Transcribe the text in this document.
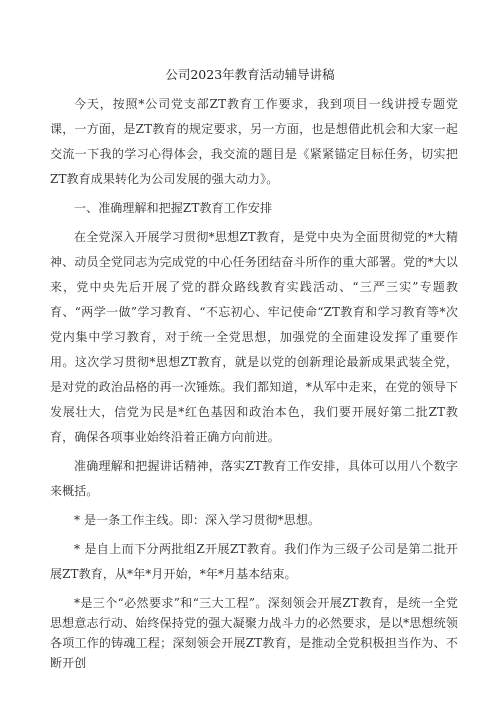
公司2023年教育活动辅导讲稿

今天，按照*公司党支部ZT教育工作要求，我到项目一线讲授专题党课，一方面，是ZT教育的规定要求，另一方面，也是想借此机会和大家一起交流一下我的学习心得体会，我交流的题目是《紧紧锚定目标任务，切实把ZT教育成果转化为公司发展的强大动力》。

一、准确理解和把握ZT教育工作安排

在全党深入开展学习贯彻*思想ZT教育，是党中央为全面贯彻党的*大精神、动员全党同志为完成党的中心任务团结奋斗所作的重大部署。党的*大以来，党中央先后开展了党的群众路线教育实践活动、“三严三实”专题教育、“两学一做”学习教育、“不忘初心、牢记使命“ZT教育和学习教育等*次党内集中学习教育，对于统一全党思想，加强党的全面建设发挥了重要作用。这次学习贯彻*思想ZT教育，就是以党的创新理论最新成果武装全党，是对党的政治品格的再一次锤炼。我们都知道，*从军中走来，在党的领导下发展壮大，信党为民是*红色基因和政治本色，我们要开展好第二批ZT教育，确保各项事业始终沿着正确方向前进。

准确理解和把握讲话精神，落实ZT教育工作安排，具体可以用八个数字来概括。

* 是一条工作主线。即：深入学习贯彻*思想。

* 是自上而下分两批组Z开展ZT教育。我们作为三级子公司是第二批开展ZT教育，从*年*月开始，*年*月基本结束。

*是三个“必然要求”和“三大工程”。深刻领会开展ZT教育，是统一全党思想意志行动、始终保持党的强大凝聚力战斗力的必然要求，是以*思想统领各项工作的铸魂工程；深刻领会开展ZT教育，是推动全党积极担当作为、不断开创
